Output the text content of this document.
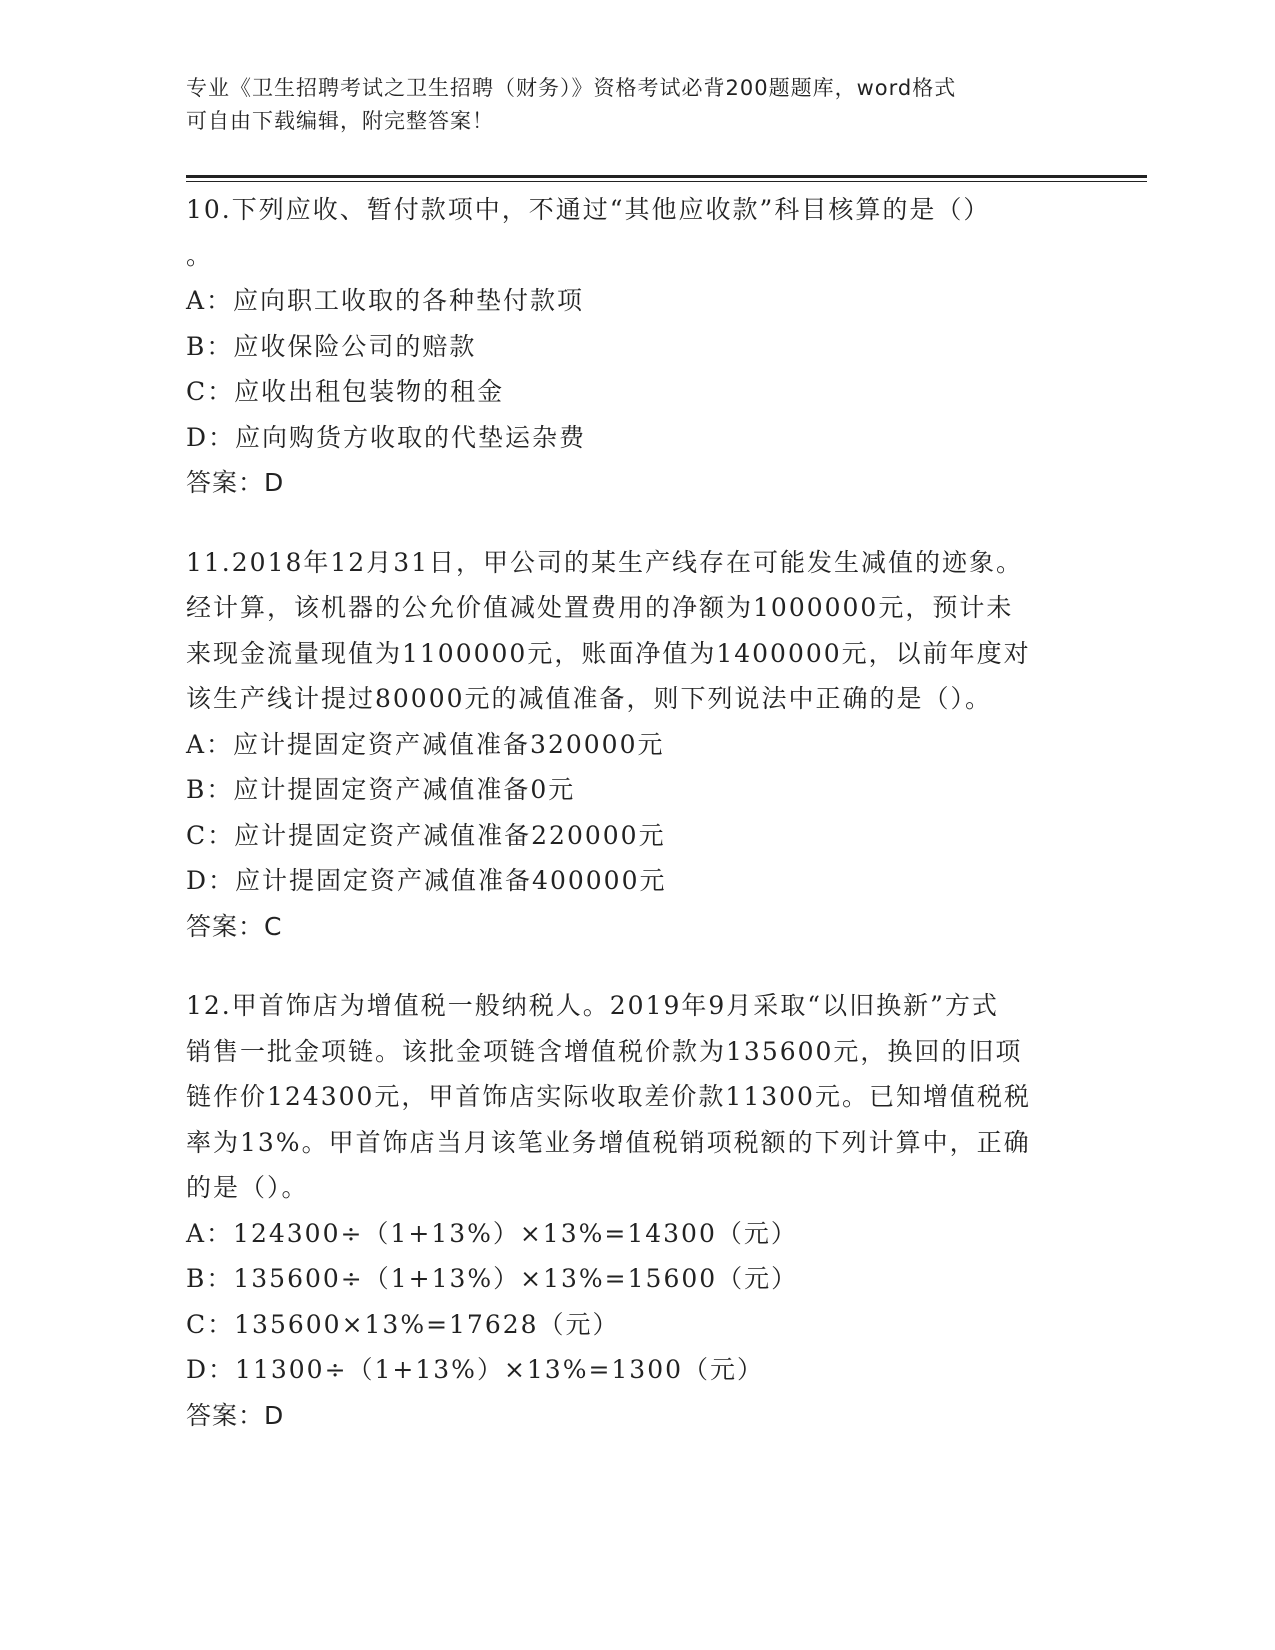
专业《卫生招聘考试之卫生招聘（财务）》资格考试必背200题题库，word格式
可自由下载编辑，附完整答案！
10.下列应收、暂付款项中，不通过“其他应收款”科目核算的是（）
。
A：应向职工收取的各种垫付款项
B：应收保险公司的赔款
C：应收出租包装物的租金
D：应向购货方收取的代垫运杂费
答案：D
11.2018年12月31日，甲公司的某生产线存在可能发生减值的迹象。
经计算，该机器的公允价值减处置费用的净额为1000000元，预计未
来现金流量现值为1100000元，账面净值为1400000元，以前年度对
该生产线计提过80000元的减值准备，则下列说法中正确的是（）。
A：应计提固定资产减值准备320000元
B：应计提固定资产减值准备0元
C：应计提固定资产减值准备220000元
D：应计提固定资产减值准备400000元
答案：C
12.甲首饰店为增值税一般纳税人。2019年9月采取“以旧换新”方式
销售一批金项链。该批金项链含增值税价款为135600元，换回的旧项
链作价124300元，甲首饰店实际收取差价款11300元。已知增值税税
率为13%。甲首饰店当月该笔业务增值税销项税额的下列计算中，正确
的是（）。
A：124300÷（1+13%）×13%=14300（元）
B：135600÷（1+13%）×13%=15600（元）
C：135600×13%=17628（元）
D：11300÷（1+13%）×13%=1300（元）
答案：D
